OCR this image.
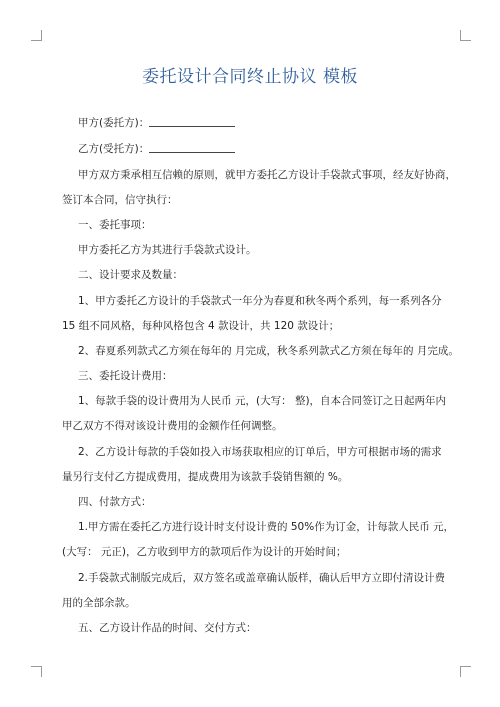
委托设计合同终止协议 模板
甲方(委托方)：
乙方(受托方)：
甲方双方秉承相互信赖的原则，就甲方委托乙方设计手袋款式事项，经友好协商，
签订本合同，信守执行：
一、委托事项：
甲方委托乙方为其进行手袋款式设计。
二、设计要求及数量：
1、甲方委托乙方设计的手袋款式一年分为春夏和秋冬两个系列，每一系列各分
15 组不同风格，每种风格包含 4 款设计，共 120 款设计；
2、春夏系列款式乙方须在每年的 月完成，秋冬系列款式乙方须在每年的 月完成。
三、委托设计费用：
1、每款手袋的设计费用为人民币 元，(大写： 整)，自本合同签订之日起两年内
甲乙双方不得对该设计费用的金额作任何调整。
2、乙方设计每款的手袋如投入市场获取相应的订单后，甲方可根据市场的需求
量另行支付乙方提成费用，提成费用为该款手袋销售额的 %。
四、付款方式：
1.甲方需在委托乙方进行设计时支付设计费的 50%作为订金，计每款人民币 元，
(大写： 元正)，乙方收到甲方的款项后作为设计的开始时间；
2.手袋款式制版完成后，双方签名或盖章确认版样，确认后甲方立即付清设计费
用的全部余款。
五、乙方设计作品的时间、交付方式：
